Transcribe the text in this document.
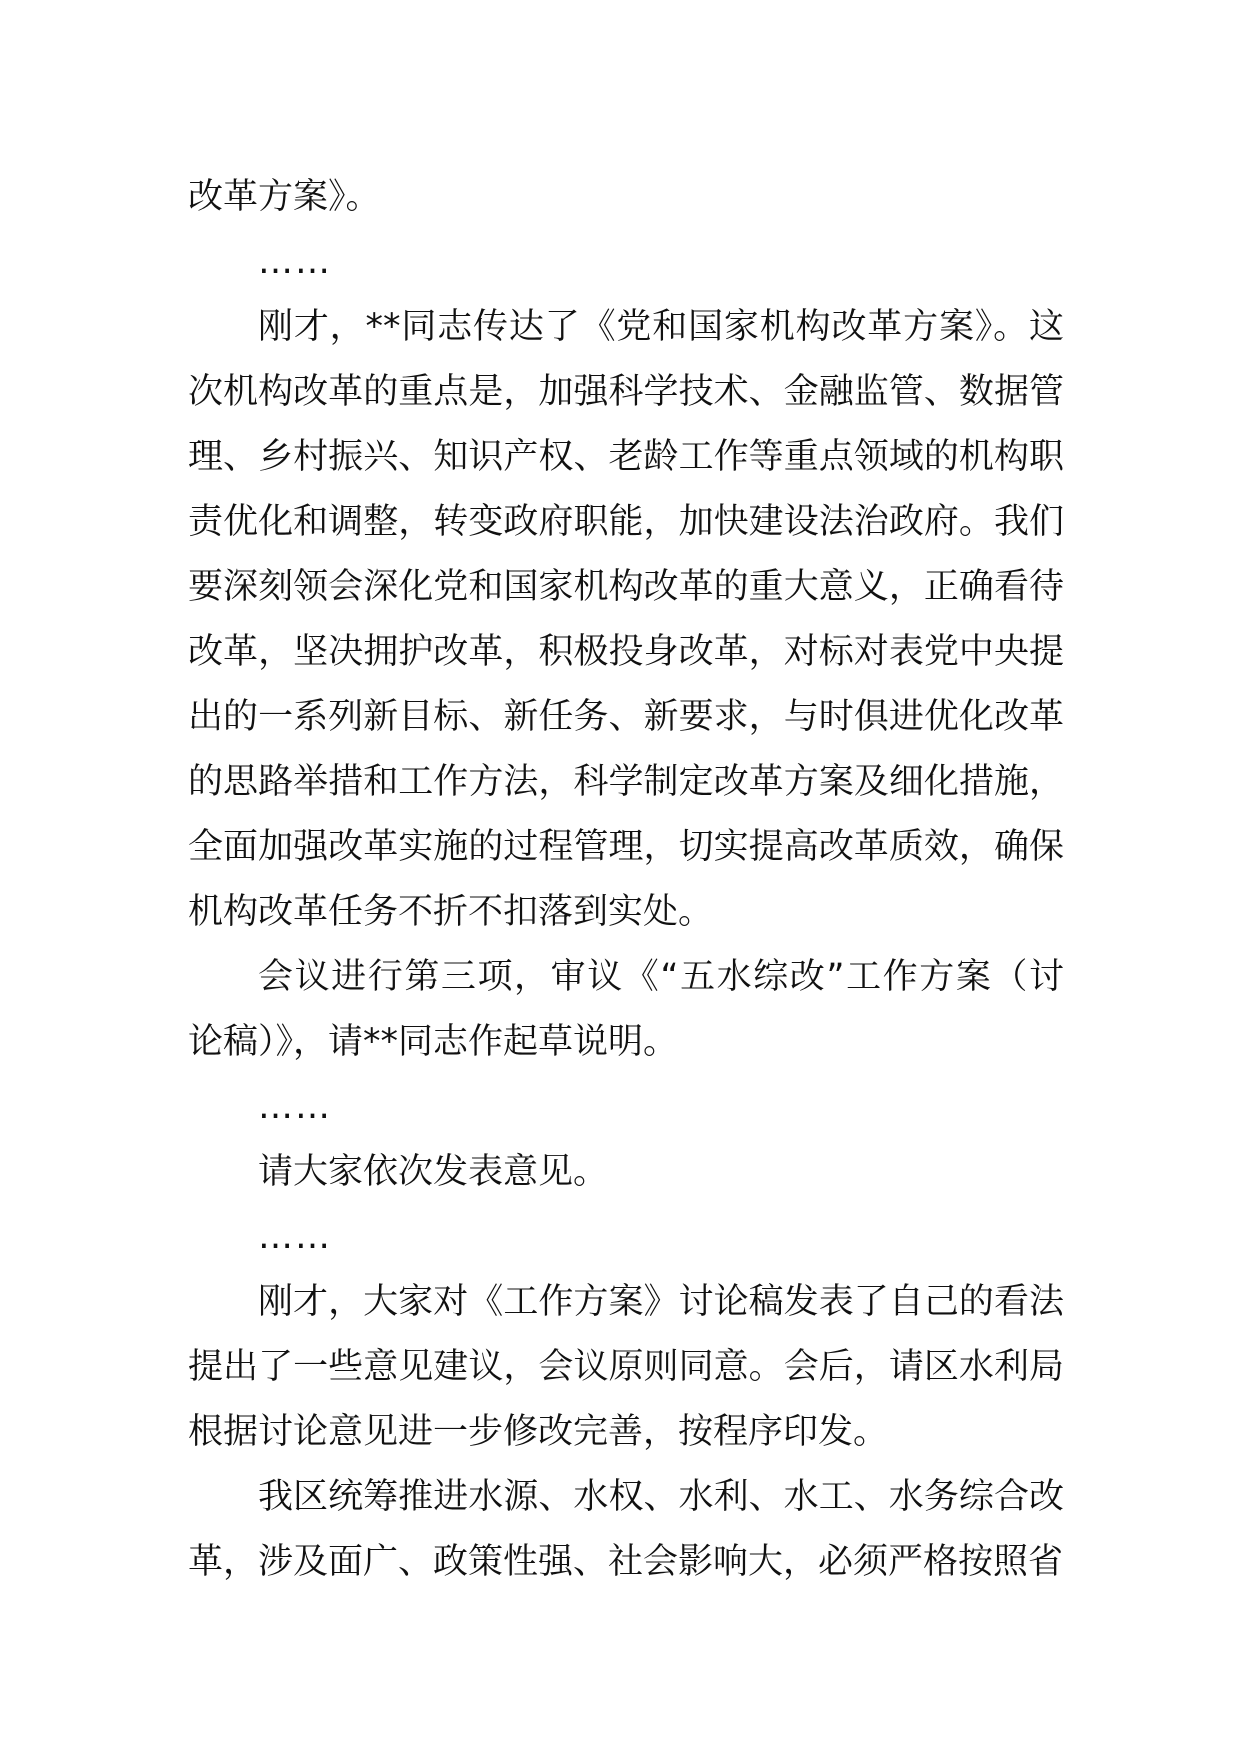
改革方案》。

……

刚才，**同志传达了《党和国家机构改革方案》。这次机构改革的重点是，加强科学技术、金融监管、数据管理、乡村振兴、知识产权、老龄工作等重点领域的机构职责优化和调整，转变政府职能，加快建设法治政府。我们要深刻领会深化党和国家机构改革的重大意义，正确看待改革，坚决拥护改革，积极投身改革，对标对表党中央提出的一系列新目标、新任务、新要求，与时俱进优化改革的思路举措和工作方法，科学制定改革方案及细化措施，全面加强改革实施的过程管理，切实提高改革质效，确保机构改革任务不折不扣落到实处。

会议进行第三项，审议《“五水综改”工作方案（讨论稿）》，请**同志作起草说明。

……

请大家依次发表意见。

……

刚才，大家对《工作方案》讨论稿发表了自己的看法提出了一些意见建议，会议原则同意。会后，请区水利局根据讨论意见进一步修改完善，按程序印发。

我区统筹推进水源、水权、水利、水工、水务综合改革，涉及面广、政策性强、社会影响大，必须严格按照省
